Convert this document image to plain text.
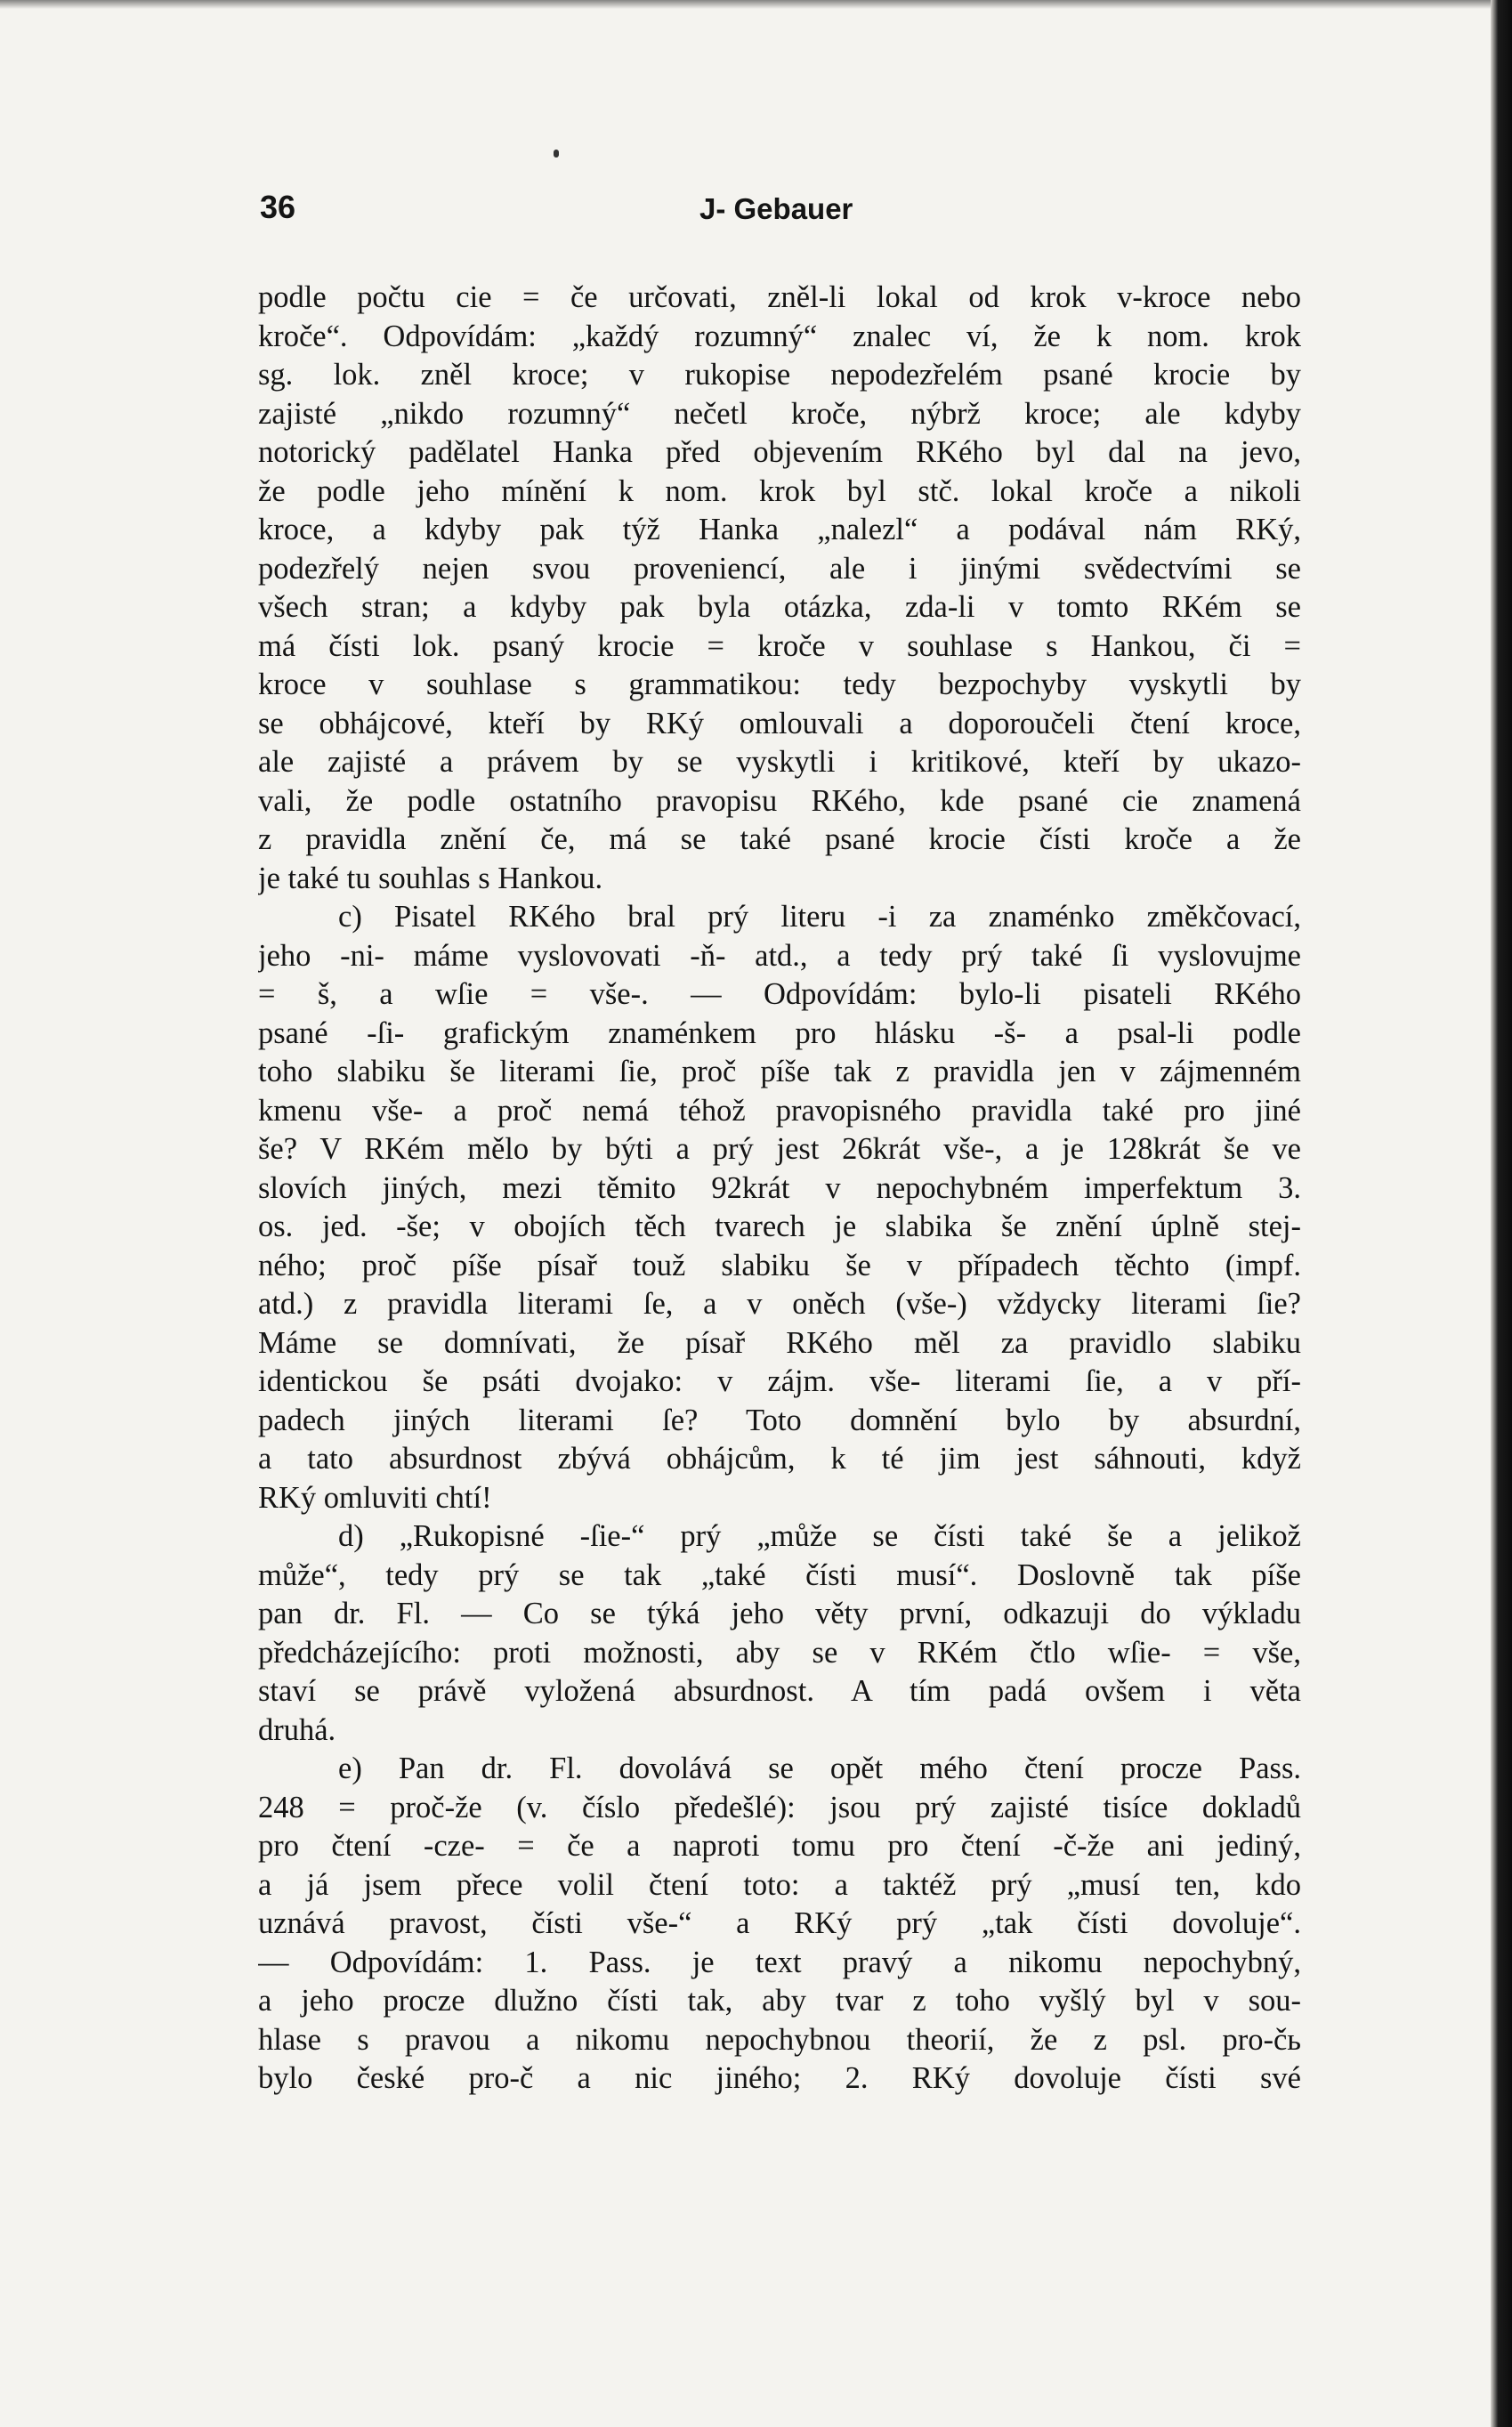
36	J- Gebauer
podle počtu cie = če určovati, zněl-li lokal od krok v-kroce nebo
kroče“. Odpovídám: „každý rozumný“ znalec ví, že k nom. krok
sg. lok. zněl kroce; v rukopise nepodezřelém psané krocie by
zajisté „nikdo rozumný“ nečetl kroče, nýbrž kroce; ale kdyby
notorický padělatel Hanka před objevením RKého byl dal na jevo,
že podle jeho mínění k nom. krok byl stč. lokal kroče a nikoli
kroce, a kdyby pak týž Hanka „nalezl“ a podával nám RKý,
podezřelý nejen svou proveniencí, ale i jinými svědectvími se
všech stran; a kdyby pak byla otázka, zda-li v tomto RKém se
má čísti lok. psaný krocie = kroče v souhlase s Hankou, či =
kroce v souhlase s grammatikou: tedy bezpochyby vyskytli by
se obhájcové, kteří by RKý omlouvali a doporoučeli čtení kroce,
ale zajisté a právem by se vyskytli i kritikové, kteří by ukazo-
vali, že podle ostatního pravopisu RKého, kde psané cie znamená
z pravidla znění če, má se také psané krocie čísti kroče a že
je také tu souhlas s Hankou.
c) Pisatel RKého bral prý literu -i za znaménko změkčovací,
jeho -ni- máme vyslovovati -ň- atd., a tedy prý také ſi vyslovujme
= š, a wſie = vše-. — Odpovídám: bylo-li pisateli RKého
psané -ſi- grafickým znaménkem pro hlásku -š- a psal-li podle
toho slabiku še literami ſie, proč píše tak z pravidla jen v zájmenném
kmenu vše- a proč nemá téhož pravopisného pravidla také pro jiné
še? V RKém mělo by býti a prý jest 26krát vše-, a je 128krát še ve
slovích jiných, mezi těmito 92krát v nepochybném imperfektum 3.
os. jed. -še; v obojích těch tvarech je slabika še znění úplně stej-
ného; proč píše písař touž slabiku še v případech těchto (impf.
atd.) z pravidla literami ſe, a v oněch (vše-) vždycky literami ſie?
Máme se domnívati, že písař RKého měl za pravidlo slabiku
identickou še psáti dvojako: v zájm. vše- literami ſie, a v pří-
padech jiných literami ſe? Toto domnění bylo by absurdní,
a tato absurdnost zbývá obhájcům, k té jim jest sáhnouti, když
RKý omluviti chtí!
d) „Rukopisné -ſie-“ prý „může se čísti také še a jelikož
může“, tedy prý se tak „také čísti musí“. Doslovně tak píše
pan dr. Fl. — Co se týká jeho věty první, odkazuji do výkladu
předcházejícího: proti možnosti, aby se v RKém čtlo wſie- = vše,
staví se právě vyložená absurdnost. A tím padá ovšem i věta
druhá.
e) Pan dr. Fl. dovolává se opět mého čtení procze Pass.
248 = proč-že (v. číslo předešlé): jsou prý zajisté tisíce dokladů
pro čtení -cze- = če a naproti tomu pro čtení -č-že ani jediný,
a já jsem přece volil čtení toto: a taktéž prý „musí ten, kdo
uznává pravost, čísti vše-“ a RKý prý „tak čísti dovoluje“.
— Odpovídám: 1. Pass. je text pravý a nikomu nepochybný,
a jeho procze dlužno čísti tak, aby tvar z toho vyšlý byl v sou-
hlase s pravou a nikomu nepochybnou theorií, že z psl. pro-čь
bylo české pro-č a nic jiného; 2. RKý dovoluje čísti své
